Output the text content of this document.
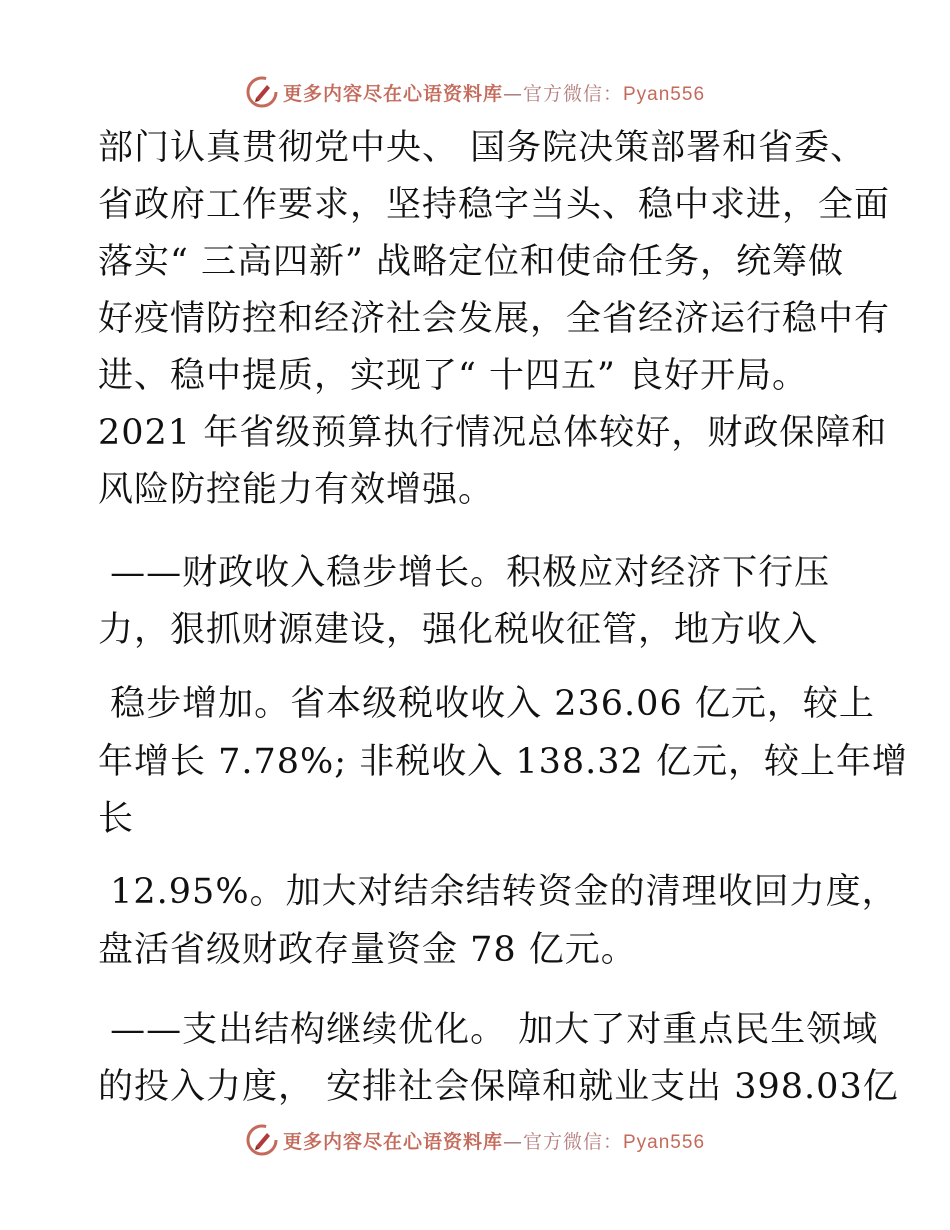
更多内容尽在心语资料库—官方微信：Pyan556
部门认真贯彻党中央、 国务院决策部署和省委、
省政府工作要求，坚持稳字当头、稳中求进，全面
落实“ 三高四新” 战略定位和使命任务，统筹做
好疫情防控和经济社会发展，全省经济运行稳中有
进、稳中提质，实现了“ 十四五” 良好开局。
2021 年省级预算执行情况总体较好，财政保障和
风险防控能力有效增强。
——财政收入稳步增长。积极应对经济下行压
力，狠抓财源建设，强化税收征管，地方收入
稳步增加。省本级税收收入 236.06 亿元，较上
年增长 7.78%; 非税收入 138.32 亿元，较上年增
长
12.95%。加大对结余结转资金的清理收回力度，
盘活省级财政存量资金 78 亿元。
——支出结构继续优化。 加大了对重点民生领域
的投入力度， 安排社会保障和就业支出 398.03亿
更多内容尽在心语资料库—官方微信：Pyan556
